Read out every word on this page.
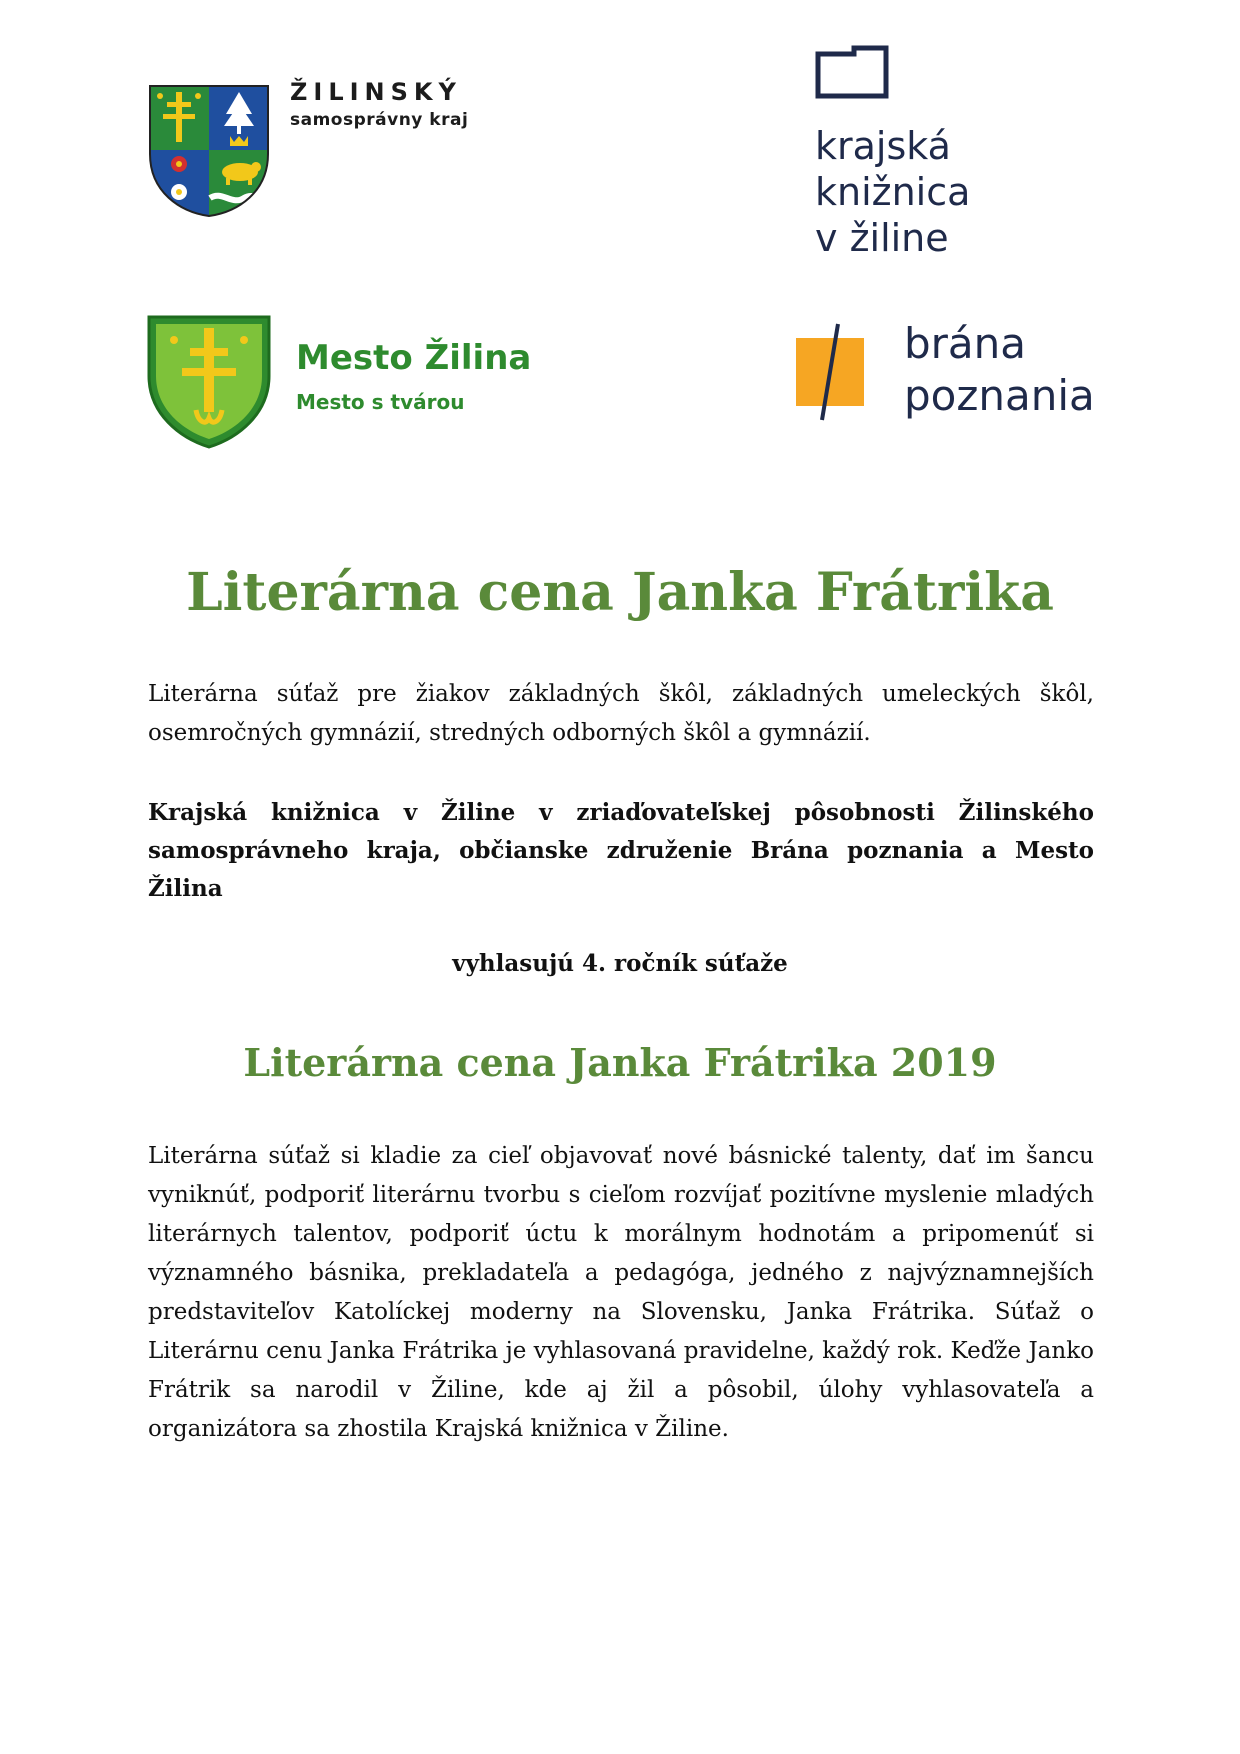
ŽILINSKÝ
samosprávny kraj
krajská
knižnica
v žiline
Mesto Žilina
Mesto s tvárou
brána
poznania
Literárna cena Janka Frátrika

Literárna súťaž pre žiakov základných škôl, základných umeleckých škôl, osemročných gymnázií, stredných odborných škôl a gymnázií.

Krajská knižnica v Žiline v zriaďovateľskej pôsobnosti Žilinského samosprávneho kraja, občianske združenie Brána poznania a Mesto Žilina

vyhlasujú 4. ročník súťaže

Literárna cena Janka Frátrika 2019

Literárna súťaž si kladie za cieľ objavovať nové básnické talenty, dať im šancu vyniknúť, podporiť literárnu tvorbu s cieľom rozvíjať pozitívne myslenie mladých literárnych talentov, podporiť úctu k morálnym hodnotám a pripomenúť si významného básnika, prekladateľa a pedagóga, jedného z najvýznamnejších predstaviteľov Katolíckej moderny na Slovensku, Janka Frátrika. Súťaž o Literárnu cenu Janka Frátrika je vyhlasovaná pravidelne, každý rok. Keďže Janko Frátrik sa narodil v Žiline, kde aj žil a pôsobil, úlohy vyhlasovateľa a organizátora sa zhostila Krajská knižnica v Žiline.
